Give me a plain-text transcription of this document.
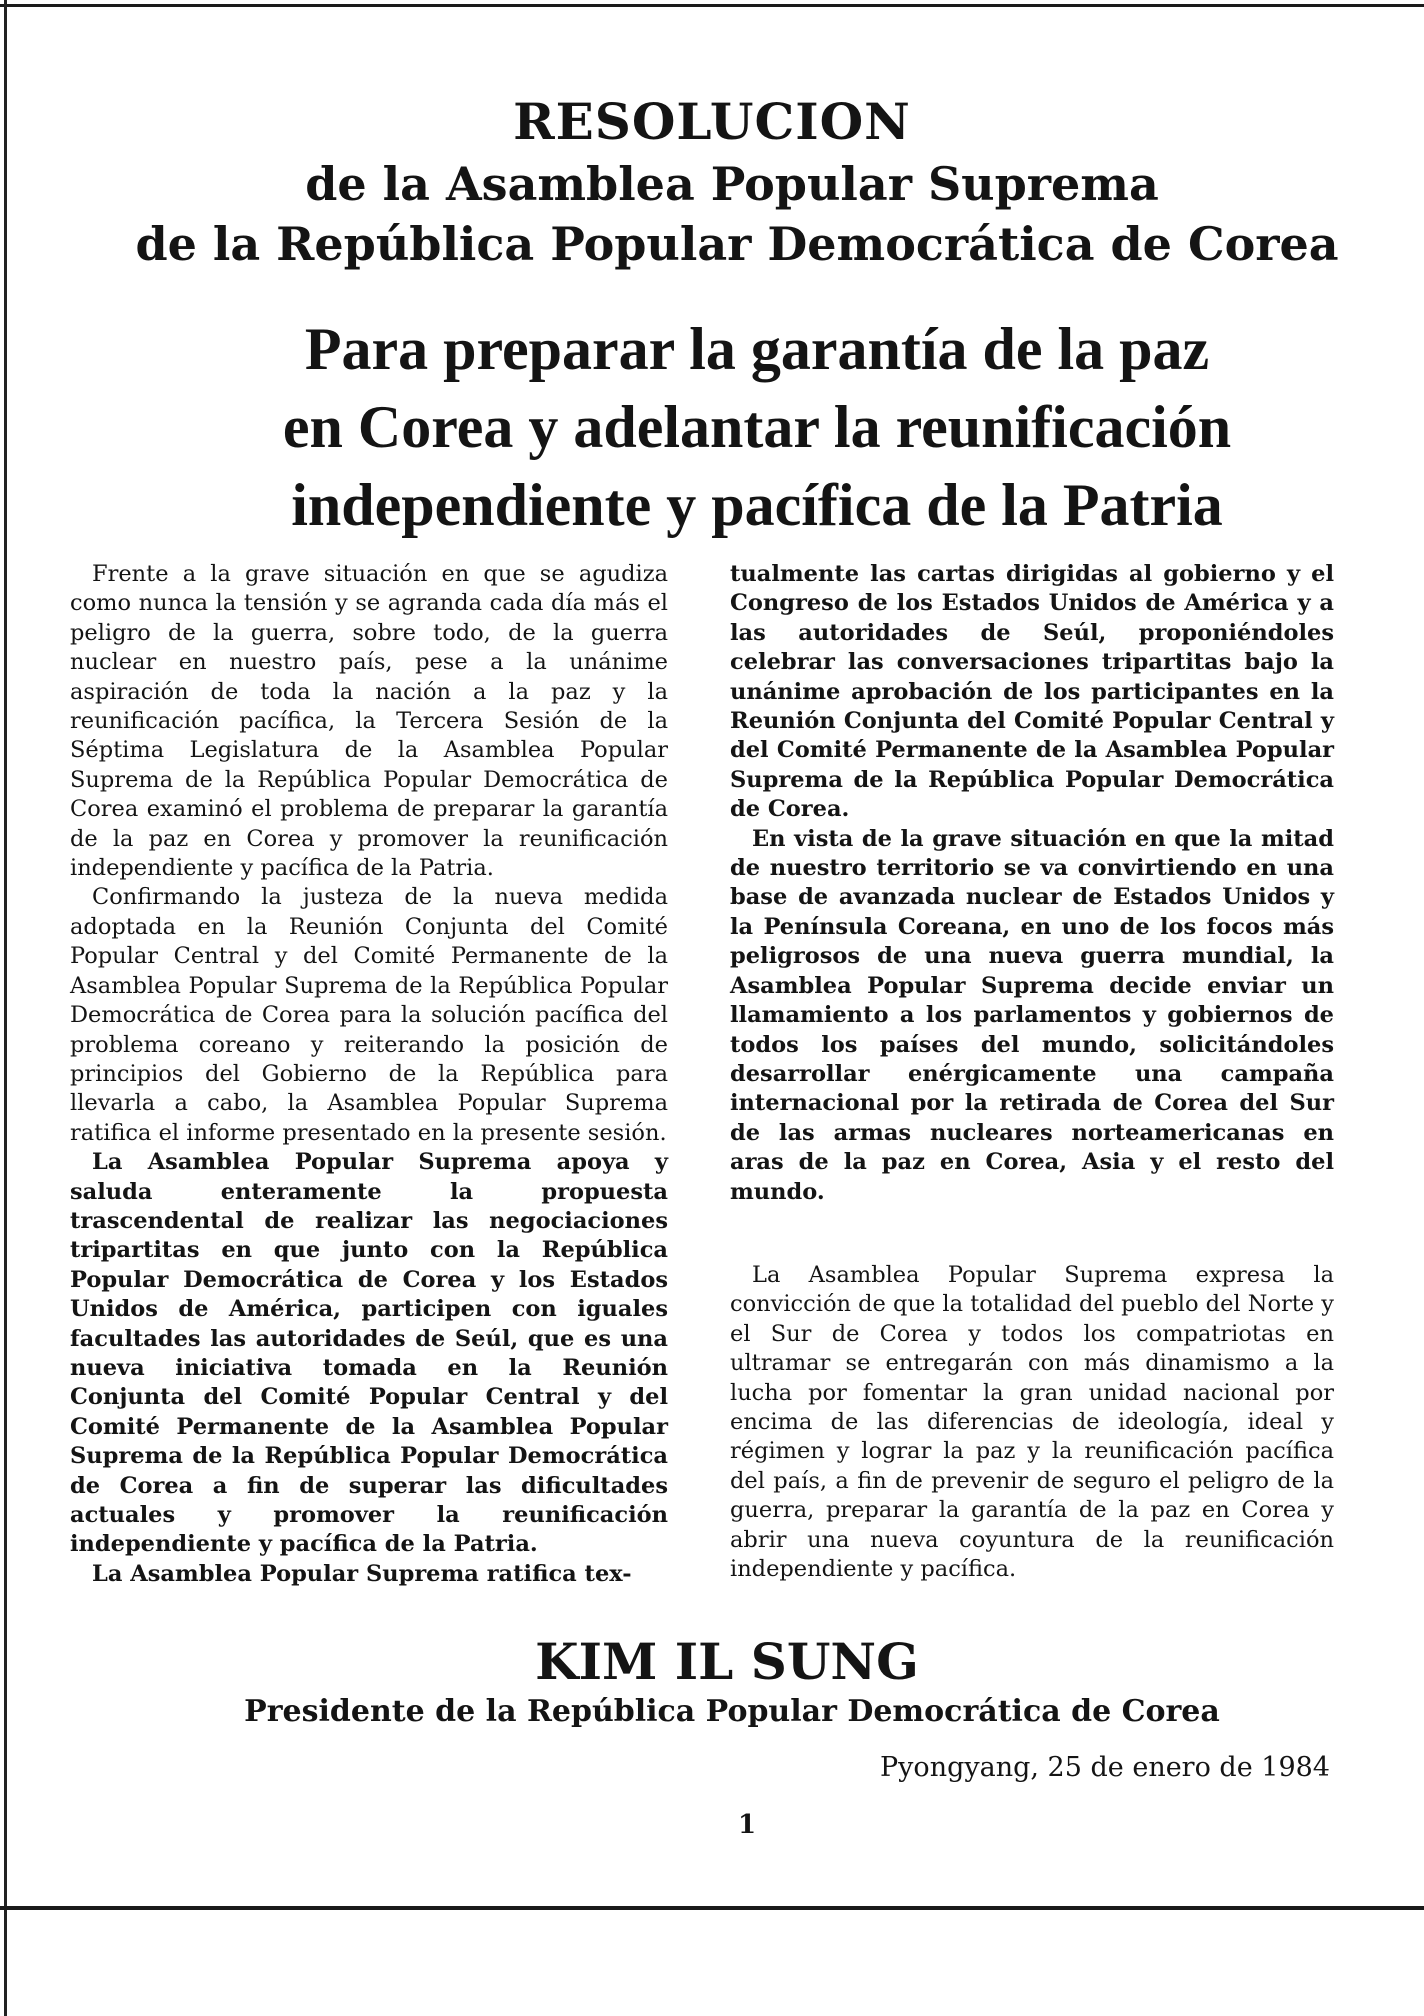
RESOLUCION
de la Asamblea Popular Suprema
de la República Popular Democrática de Corea
Para preparar la garantía de la paz
en Corea y adelantar la reunificación
independiente y pacífica de la Patria

Frente a la grave situación en que se agudiza como nunca la tensión y se agranda cada día más el peligro de la guerra, sobre todo, de la guerra nuclear en nuestro país, pese a la unánime aspiración de toda la nación a la paz y la reunificación pacífica, la Tercera Sesión de la Séptima Legislatura de la Asamblea Popular Suprema de la República Popular Democrática de Corea examinó el problema de preparar la garantía de la paz en Corea y promover la reunificación independiente y pacífica de la Patria.

Confirmando la justeza de la nueva medida adoptada en la Reunión Conjunta del Comité Popular Central y del Comité Permanente de la Asamblea Popular Suprema de la República Popular Democrática de Corea para la solución pacífica del problema coreano y reiterando la posición de principios del Gobierno de la República para llevarla a cabo, la Asamblea Popular Suprema ratifica el informe presentado en la presente sesión.

La Asamblea Popular Suprema apoya y saluda enteramente la propuesta trascendental de realizar las negociaciones tripartitas en que junto con la República Popular Democrática de Corea y los Estados Unidos de América, participen con iguales facultades las autoridades de Seúl, que es una nueva iniciativa tomada en la Reunión Conjunta del Comité Popular Central y del Comité Permanente de la Asamblea Popular Suprema de la República Popular Democrática de Corea a fin de superar las dificultades actuales y promover la reunificación independiente y pacífica de la Patria.

La Asamblea Popular Suprema ratifica tex-

tualmente las cartas dirigidas al gobierno y el Congreso de los Estados Unidos de América y a las autoridades de Seúl, proponiéndoles celebrar las conversaciones tripartitas bajo la unánime aprobación de los participantes en la Reunión Conjunta del Comité Popular Central y del Comité Permanente de la Asamblea Popular Suprema de la República Popular Democrática de Corea.

En vista de la grave situación en que la mitad de nuestro territorio se va convirtiendo en una base de avanzada nuclear de Estados Unidos y la Península Coreana, en uno de los focos más peligrosos de una nueva guerra mundial, la Asamblea Popular Suprema decide enviar un llamamiento a los parlamentos y gobiernos de todos los países del mundo, solicitándoles desarrollar enérgicamente una campaña internacional por la retirada de Corea del Sur de las armas nucleares norteamericanas en aras de la paz en Corea, Asia y el resto del mundo.

La Asamblea Popular Suprema expresa la convicción de que la totalidad del pueblo del Norte y el Sur de Corea y todos los compatriotas en ultramar se entregarán con más dinamismo a la lucha por fomentar la gran unidad nacional por encima de las diferencias de ideología, ideal y régimen y lograr la paz y la reunificación pacífica del país, a fin de prevenir de seguro el peligro de la guerra, preparar la garantía de la paz en Corea y abrir una nueva coyuntura de la reunificación independiente y pacífica.

KIM IL SUNG
Presidente de la República Popular Democrática de Corea
Pyongyang, 25 de enero de 1984
1
